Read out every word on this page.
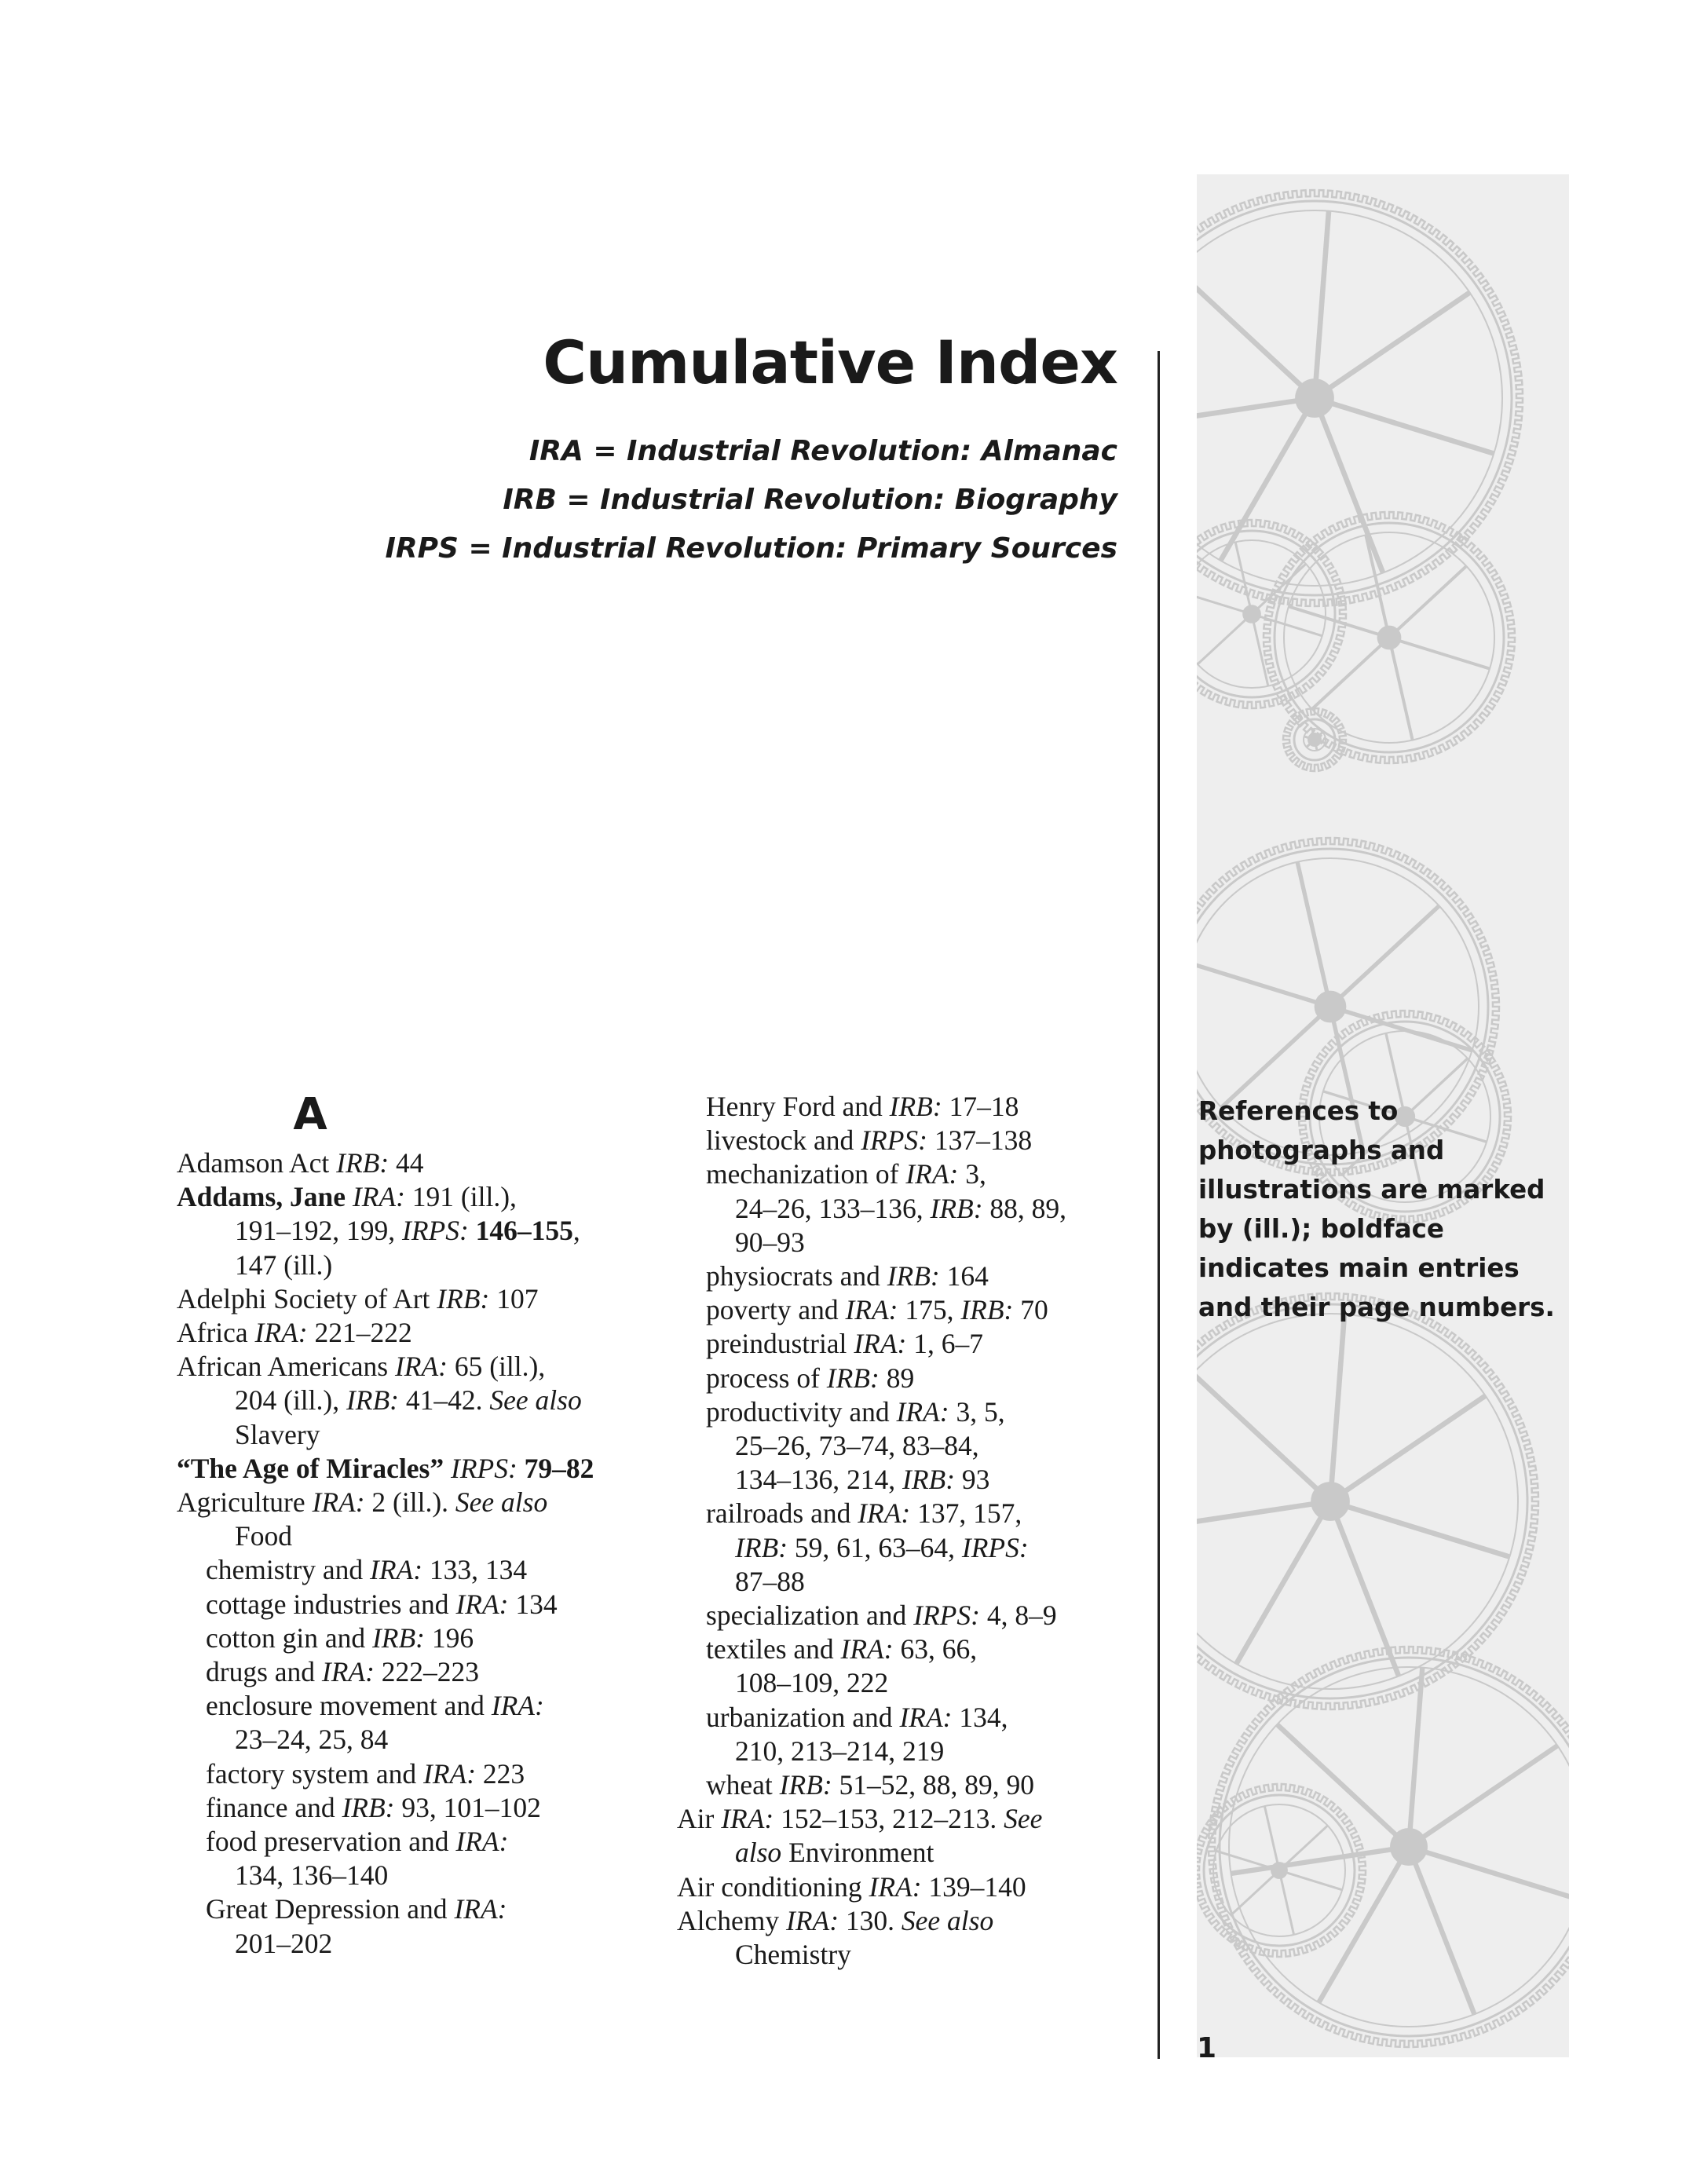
Cumulative Index
IRA = Industrial Revolution: Almanac
IRB = Industrial Revolution: Biography
IRPS = Industrial Revolution: Primary Sources
A
Adamson Act IRB: 44
Addams, Jane IRA: 191 (ill.),
191–192, 199, IRPS: 146–155,
147 (ill.)
Adelphi Society of Art IRB: 107
Africa IRA: 221–222
African Americans IRA: 65 (ill.),
204 (ill.), IRB: 41–42. See also
Slavery
“The Age of Miracles” IRPS: 79–82
Agriculture IRA: 2 (ill.). See also
Food
chemistry and IRA: 133, 134
cottage industries and IRA: 134
cotton gin and IRB: 196
drugs and IRA: 222–223
enclosure movement and IRA:
23–24, 25, 84
factory system and IRA: 223
finance and IRB: 93, 101–102
food preservation and IRA:
134, 136–140
Great Depression and IRA:
201–202
Henry Ford and IRB: 17–18
livestock and IRPS: 137–138
mechanization of IRA: 3,
24–26, 133–136, IRB: 88, 89,
90–93
physiocrats and IRB: 164
poverty and IRA: 175, IRB: 70
preindustrial IRA: 1, 6–7
process of IRB: 89
productivity and IRA: 3, 5,
25–26, 73–74, 83–84,
134–136, 214, IRB: 93
railroads and IRA: 137, 157,
IRB: 59, 61, 63–64, IRPS:
87–88
specialization and IRPS: 4, 8–9
textiles and IRA: 63, 66,
108–109, 222
urbanization and IRA: 134,
210, 213–214, 219
wheat IRB: 51–52, 88, 89, 90
Air IRA: 152–153, 212–213. See
also Environment
Air conditioning IRA: 139–140
Alchemy IRA: 130. See also
Chemistry
References to photographs and illustrations are marked by (ill.); boldface indicates main entries and their page numbers.
1
